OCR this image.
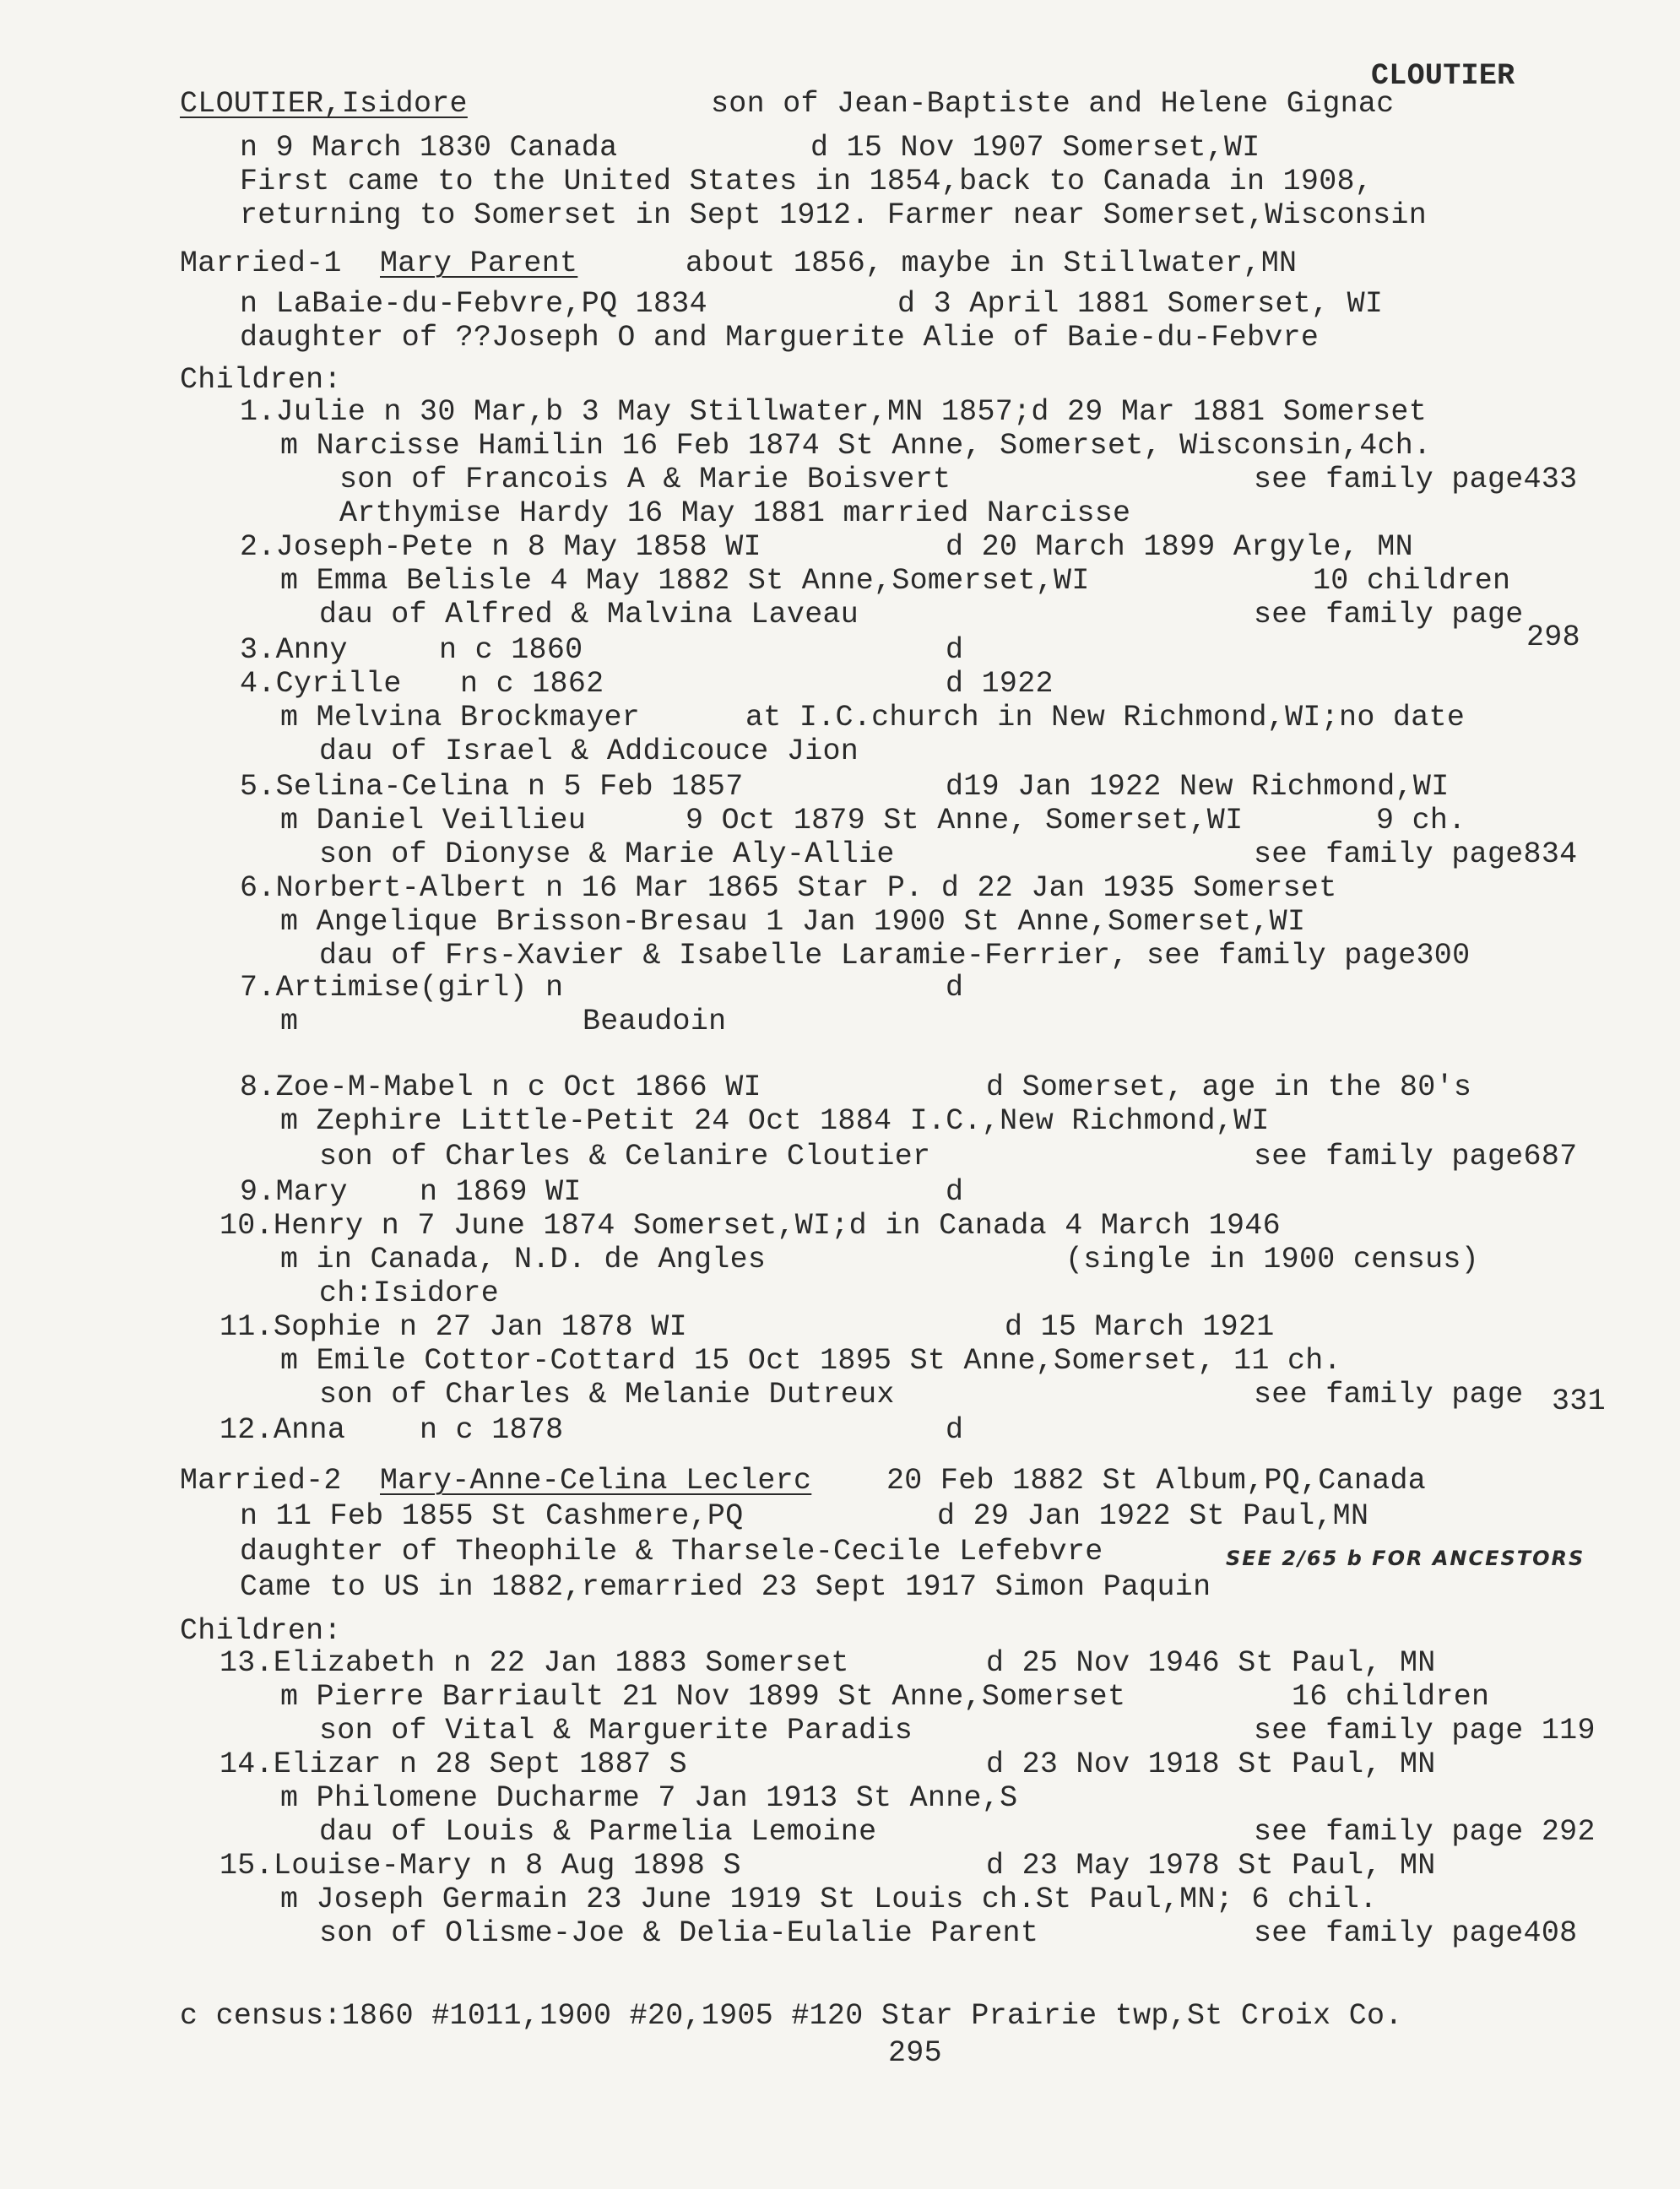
CLOUTIER
CLOUTIER,Isidore	son of Jean-Baptiste and Helene Gignac
n 9 March 1830 Canada	d 15 Nov 1907 Somerset,WI
First came to the United States in 1854,back to Canada in 1908,
returning to Somerset in Sept 1912. Farmer near Somerset,Wisconsin
Married-1 Mary Parent	about 1856, maybe in Stillwater,MN
n LaBaie-du-Febvre,PQ 1834	d 3 April 1881 Somerset, WI
daughter of ??Joseph O and Marguerite Alie of Baie-du-Febvre
Children:
1.Julie n 30 Mar,b 3 May Stillwater,MN 1857;d 29 Mar 1881 Somerset
m Narcisse Hamilin 16 Feb 1874 St Anne, Somerset, Wisconsin,4ch.
son of Francois A & Marie Boisvert	see family page433
Arthymise Hardy 16 May 1881 married Narcisse
2.Joseph-Pete n 8 May 1858 WI	d 20 March 1899 Argyle, MN
m Emma Belisle 4 May 1882 St Anne,Somerset,WI	10 children
dau of Alfred & Malvina Laveau	see family page
298
3.Anny	n c 1860	d
4.Cyrille n c 1862	d 1922
m Melvina Brockmayer	at I.C.church in New Richmond,WI;no date
dau of Israel & Addicouce Jion
5.Selina-Celina n 5 Feb 1857	d19 Jan 1922 New Richmond,WI
m Daniel Veillieu	9 Oct 1879 St Anne, Somerset,WI	9 ch.
son of Dionyse & Marie Aly-Allie	see family page834
6.Norbert-Albert n 16 Mar 1865 Star P. d 22 Jan 1935 Somerset
m Angelique Brisson-Bresau 1 Jan 1900 St Anne,Somerset,WI
dau of Frs-Xavier & Isabelle Laramie-Ferrier, see family page300
7.Artimise(girl) n	d
m	Beaudoin
8.Zoe-M-Mabel n c Oct 1866 WI	d Somerset, age in the 80's
m Zephire Little-Petit 24 Oct 1884 I.C.,New Richmond,WI
son of Charles & Celanire Cloutier	see family page687
9.Mary n 1869 WI	d
10.Henry n 7 June 1874 Somerset,WI;d in Canada 4 March 1946
m in Canada, N.D. de Angles	(single in 1900 census)
ch:Isidore
11.Sophie n 27 Jan 1878 WI	d 15 March 1921
m Emile Cottor-Cottard 15 Oct 1895 St Anne,Somerset, 11 ch.
son of Charles & Melanie Dutreux	see family page 331
12.Anna	n c 1878	d
Married-2 Mary-Anne-Celina Leclerc	20 Feb 1882 St Album,PQ,Canada
n 11 Feb 1855 St Cashmere,PQ	d 29 Jan 1922 St Paul,MN
daughter of Theophile & Tharsele-Cecile Lefebvre	SEE 2/65 b FOR ANCESTORS
Came to US in 1882,remarried 23 Sept 1917 Simon Paquin
Children:
13.Elizabeth n 22 Jan 1883 Somerset	d 25 Nov 1946 St Paul, MN
m Pierre Barriault 21 Nov 1899 St Anne,Somerset	16 children
son of Vital & Marguerite Paradis	see family page 119
14.Elizar n 28 Sept 1887 S	d 23 Nov 1918 St Paul, MN
m Philomene Ducharme 7 Jan 1913 St Anne,S
dau of Louis & Parmelia Lemoine	see family page 292
15.Louise-Mary n 8 Aug 1898 S	d 23 May 1978 St Paul, MN
m Joseph Germain 23 June 1919 St Louis ch.St Paul,MN; 6 chil.
son of Olisme-Joe & Delia-Eulalie Parent	see family page408
c census:1860 #1011,1900 #20,1905 #120 Star Prairie twp,St Croix Co.
295
